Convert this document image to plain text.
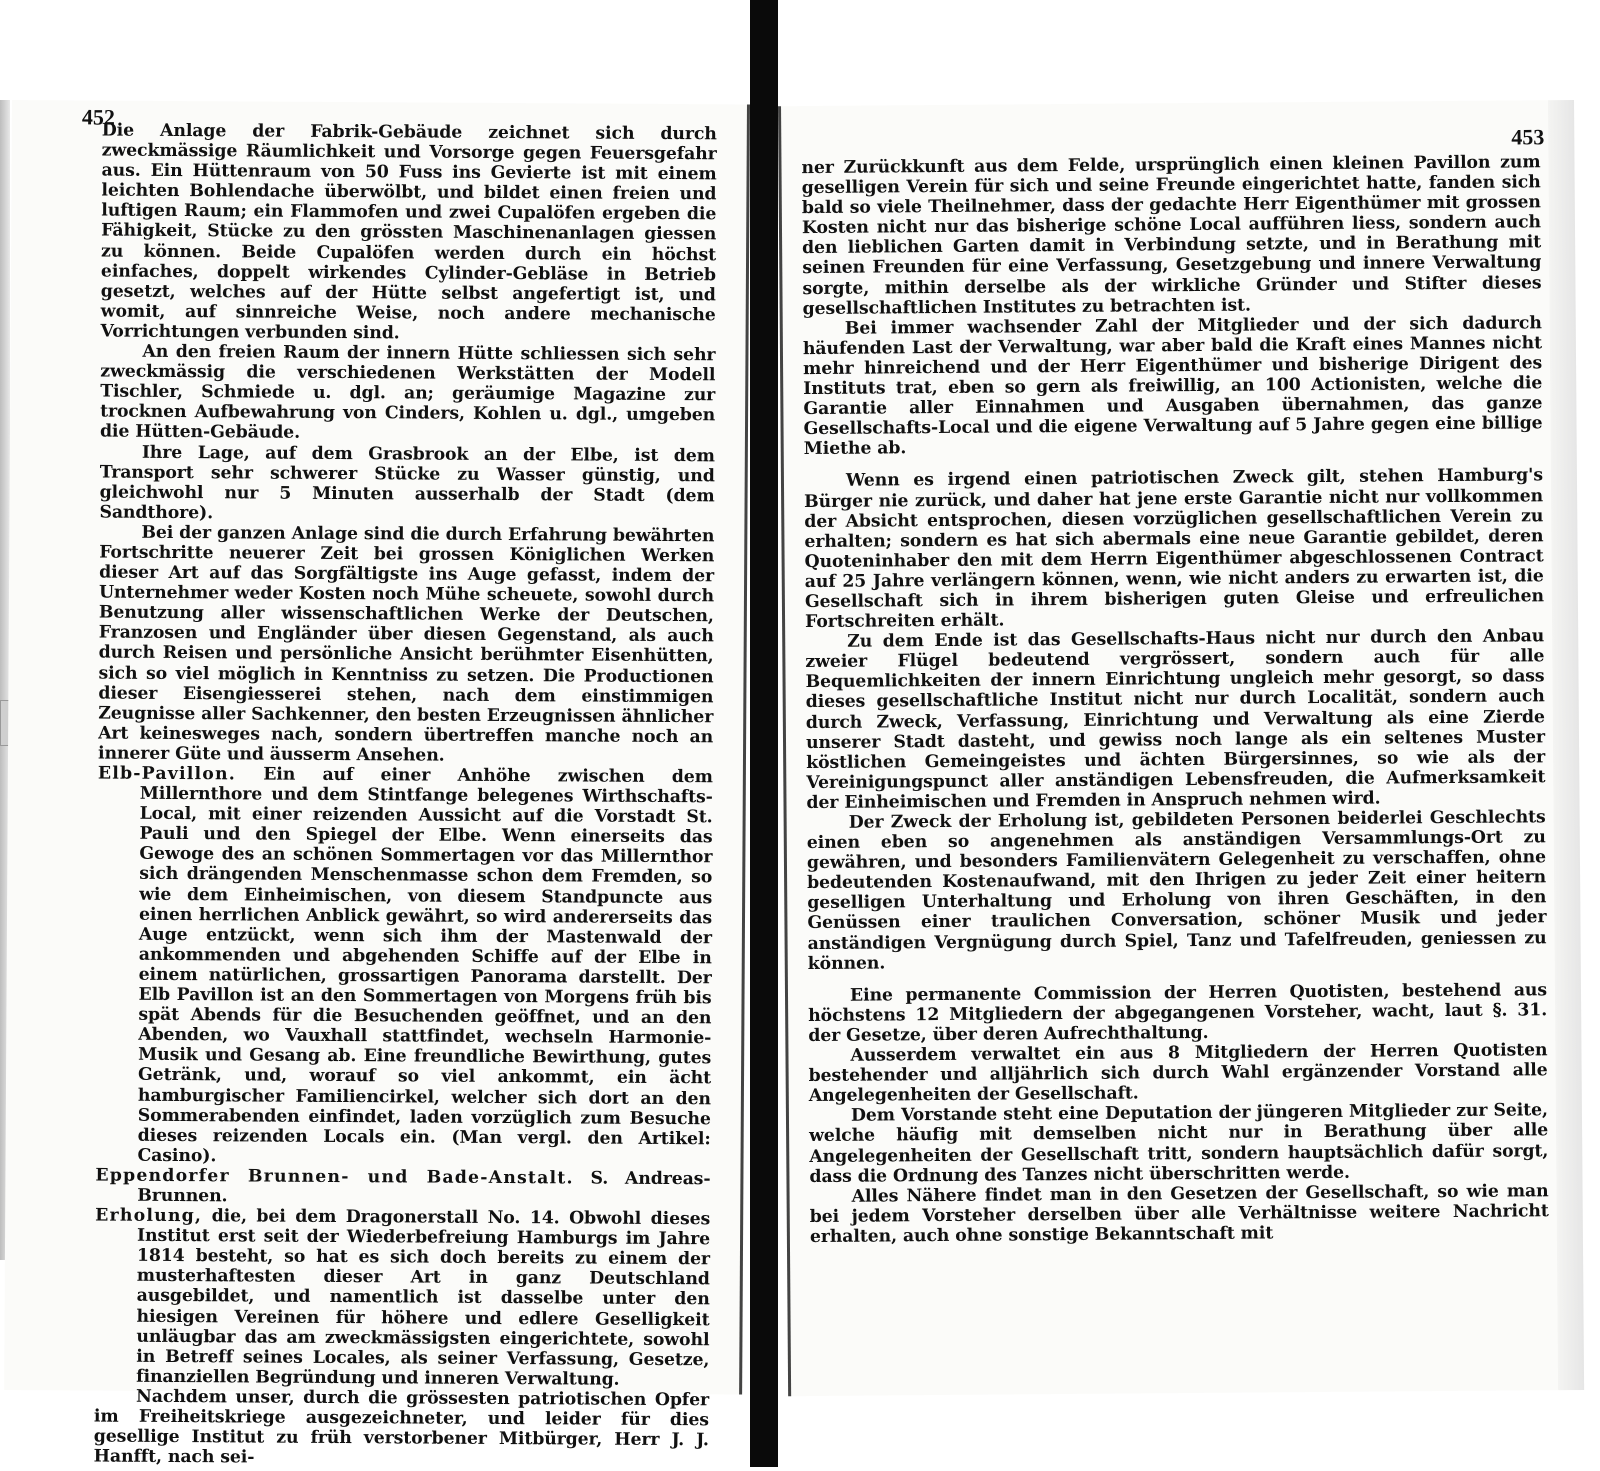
452

Die Anlage der Fabrik-Gebäude zeichnet sich durch zweckmässige Räumlichkeit und Vorsorge gegen Feuersgefahr aus. Ein Hüttenraum von 50 Fuss ins Gevierte ist mit einem leichten Bohlendache überwölbt, und bildet einen freien und luftigen Raum; ein Flammofen und zwei Cupalöfen ergeben die Fähigkeit, Stücke zu den grössten Maschinenanlagen giessen zu können. Beide Cupalöfen werden durch ein höchst einfaches, doppelt wirkendes Cylinder-Gebläse in Betrieb gesetzt, welches auf der Hütte selbst angefertigt ist, und womit, auf sinnreiche Weise, noch andere mechanische Vorrichtungen verbunden sind.

An den freien Raum der innern Hütte schliessen sich sehr zweckmässig die verschiedenen Werkstätten der Modell Tischler, Schmiede u. dgl. an; geräumige Magazine zur trocknen Aufbewahrung von Cinders, Kohlen u. dgl., umgeben die Hütten-Gebäude.

Ihre Lage, auf dem Grasbrook an der Elbe, ist dem Transport sehr schwerer Stücke zu Wasser günstig, und gleichwohl nur 5 Minuten ausserhalb der Stadt (dem Sandthore).

Bei der ganzen Anlage sind die durch Erfahrung bewährten Fortschritte neuerer Zeit bei grossen Königlichen Werken dieser Art auf das Sorgfältigste ins Auge gefasst, indem der Unternehmer weder Kosten noch Mühe scheuete, sowohl durch Benutzung aller wissenschaftlichen Werke der Deutschen, Franzosen und Engländer über diesen Gegenstand, als auch durch Reisen und persönliche Ansicht berühmter Eisenhütten, sich so viel möglich in Kenntniss zu setzen. Die Productionen dieser Eisengiesserei stehen, nach dem einstimmigen Zeugnisse aller Sachkenner, den besten Erzeugnissen ähnlicher Art keinesweges nach, sondern übertreffen manche noch an innerer Güte und äusserm Ansehen.

Elb-Pavillon. Ein auf einer Anhöhe zwischen dem Millernthore und dem Stintfange belegenes Wirthschafts-Local, mit einer reizenden Aussicht auf die Vorstadt St. Pauli und den Spiegel der Elbe. Wenn einerseits das Gewoge des an schönen Sommertagen vor das Millernthor sich drängenden Menschenmasse schon dem Fremden, so wie dem Einheimischen, von diesem Standpuncte aus einen herrlichen Anblick gewährt, so wird andererseits das Auge entzückt, wenn sich ihm der Mastenwald der ankommenden und abgehenden Schiffe auf der Elbe in einem natürlichen, grossartigen Panorama darstellt. Der Elb Pavillon ist an den Sommertagen von Morgens früh bis spät Abends für die Besuchenden geöffnet, und an den Abenden, wo Vauxhall stattfindet, wechseln Harmonie-Musik und Gesang ab. Eine freundliche Bewirthung, gutes Getränk, und, worauf so viel ankommt, ein ächt hamburgischer Familiencirkel, welcher sich dort an den Sommerabenden einfindet, laden vorzüglich zum Besuche dieses reizenden Locals ein. (Man vergl. den Artikel: Casino).

Eppendorfer Brunnen- und Bade-Anstalt. S. Andreas-Brunnen.

Erholung, die, bei dem Dragonerstall No. 14. Obwohl dieses Institut erst seit der Wiederbefreiung Hamburgs im Jahre 1814 besteht, so hat es sich doch bereits zu einem der musterhaftesten dieser Art in ganz Deutschland ausgebildet, und namentlich ist dasselbe unter den hiesigen Vereinen für höhere und edlere Geselligkeit unläugbar das am zweckmässigsten eingerichtete, sowohl in Betreff seines Locales, als seiner Verfassung, Gesetze, finanziellen Begründung und inneren Verwaltung.

Nachdem unser, durch die grössesten patriotischen Opfer im Freiheitskriege ausgezeichneter, und leider für dies gesellige Institut zu früh verstorbener Mitbürger, Herr J. J. Hanfft, nach sei-

453

ner Zurückkunft aus dem Felde, ursprünglich einen kleinen Pavillon zum geselligen Verein für sich und seine Freunde eingerichtet hatte, fanden sich bald so viele Theilnehmer, dass der gedachte Herr Eigenthümer mit grossen Kosten nicht nur das bisherige schöne Local aufführen liess, sondern auch den lieblichen Garten damit in Verbindung setzte, und in Berathung mit seinen Freunden für eine Verfassung, Gesetzgebung und innere Verwaltung sorgte, mithin derselbe als der wirkliche Gründer und Stifter dieses gesellschaftlichen Institutes zu betrachten ist.

Bei immer wachsender Zahl der Mitglieder und der sich dadurch häufenden Last der Verwaltung, war aber bald die Kraft eines Mannes nicht mehr hinreichend und der Herr Eigenthümer und bisherige Dirigent des Instituts trat, eben so gern als freiwillig, an 100 Actionisten, welche die Garantie aller Einnahmen und Ausgaben übernahmen, das ganze Gesellschafts-Local und die eigene Verwaltung auf 5 Jahre gegen eine billige Miethe ab.

Wenn es irgend einen patriotischen Zweck gilt, stehen Hamburg's Bürger nie zurück, und daher hat jene erste Garantie nicht nur vollkommen der Absicht entsprochen, diesen vorzüglichen gesellschaftlichen Verein zu erhalten; sondern es hat sich abermals eine neue Garantie gebildet, deren Quoteninhaber den mit dem Herrn Eigenthümer abgeschlossenen Contract auf 25 Jahre verlängern können, wenn, wie nicht anders zu erwarten ist, die Gesellschaft sich in ihrem bisherigen guten Gleise und erfreulichen Fortschreiten erhält.

Zu dem Ende ist das Gesellschafts-Haus nicht nur durch den Anbau zweier Flügel bedeutend vergrössert, sondern auch für alle Bequemlichkeiten der innern Einrichtung ungleich mehr gesorgt, so dass dieses gesellschaftliche Institut nicht nur durch Localität, sondern auch durch Zweck, Verfassung, Einrichtung und Verwaltung als eine Zierde unserer Stadt dasteht, und gewiss noch lange als ein seltenes Muster köstlichen Gemeingeistes und ächten Bürgersinnes, so wie als der Vereinigungspunct aller anständigen Lebensfreuden, die Aufmerksamkeit der Einheimischen und Fremden in Anspruch nehmen wird.

Der Zweck der Erholung ist, gebildeten Personen beiderlei Geschlechts einen eben so angenehmen als anständigen Versammlungs-Ort zu gewähren, und besonders Familienvätern Gelegenheit zu verschaffen, ohne bedeutenden Kostenaufwand, mit den Ihrigen zu jeder Zeit einer heitern geselligen Unterhaltung und Erholung von ihren Geschäften, in den Genüssen einer traulichen Conversation, schöner Musik und jeder anständigen Vergnügung durch Spiel, Tanz und Tafelfreuden, geniessen zu können.

Eine permanente Commission der Herren Quotisten, bestehend aus höchstens 12 Mitgliedern der abgegangenen Vorsteher, wacht, laut §. 31. der Gesetze, über deren Aufrechthaltung.

Ausserdem verwaltet ein aus 8 Mitgliedern der Herren Quotisten bestehender und alljährlich sich durch Wahl ergänzender Vorstand alle Angelegenheiten der Gesellschaft.

Dem Vorstande steht eine Deputation der jüngeren Mitglieder zur Seite, welche häufig mit demselben nicht nur in Berathung über alle Angelegenheiten der Gesellschaft tritt, sondern hauptsächlich dafür sorgt, dass die Ordnung des Tanzes nicht überschritten werde.

Alles Nähere findet man in den Gesetzen der Gesellschaft, so wie man bei jedem Vorsteher derselben über alle Verhältnisse weitere Nachricht erhalten, auch ohne sonstige Bekanntschaft mit
